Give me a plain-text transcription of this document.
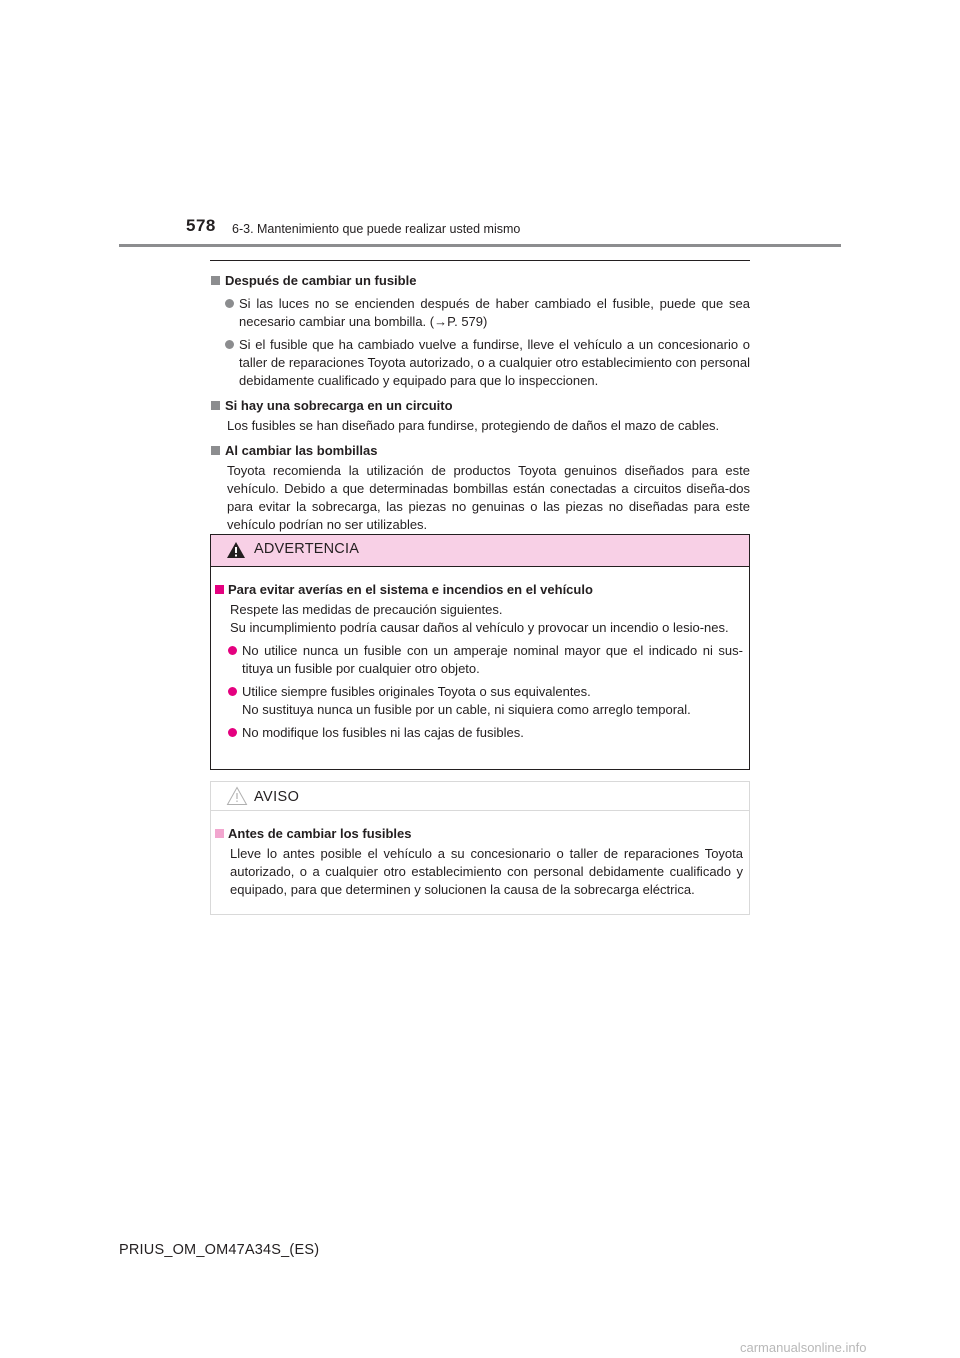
578 6-3. Mantenimiento que puede realizar usted mismo
Después de cambiar un fusible
Si las luces no se encienden después de haber cambiado el fusible, puede que sea necesario cambiar una bombilla. (→P. 579)
Si el fusible que ha cambiado vuelve a fundirse, lleve el vehículo a un concesionario o taller de reparaciones Toyota autorizado, o a cualquier otro establecimiento con personal debidamente cualificado y equipado para que lo inspeccionen.
Si hay una sobrecarga en un circuito
Los fusibles se han diseñado para fundirse, protegiendo de daños el mazo de cables.
Al cambiar las bombillas
Toyota recomienda la utilización de productos Toyota genuinos diseñados para este vehículo. Debido a que determinadas bombillas están conectadas a circuitos diseña-dos para evitar la sobrecarga, las piezas no genuinas o las piezas no diseñadas para este vehículo podrían no ser utilizables.
ADVERTENCIA
Para evitar averías en el sistema e incendios en el vehículo
Respete las medidas de precaución siguientes.
Su incumplimiento podría causar daños al vehículo y provocar un incendio o lesio-nes.
No utilice nunca un fusible con un amperaje nominal mayor que el indicado ni sus-tituya un fusible por cualquier otro objeto.
Utilice siempre fusibles originales Toyota o sus equivalentes.
No sustituya nunca un fusible por un cable, ni siquiera como arreglo temporal.
No modifique los fusibles ni las cajas de fusibles.
AVISO
Antes de cambiar los fusibles
Lleve lo antes posible el vehículo a su concesionario o taller de reparaciones Toyota autorizado, o a cualquier otro establecimiento con personal debidamente cualificado y equipado, para que determinen y solucionen la causa de la sobrecarga eléctrica.
PRIUS_OM_OM47A34S_(ES)
carmanualsonline.info
